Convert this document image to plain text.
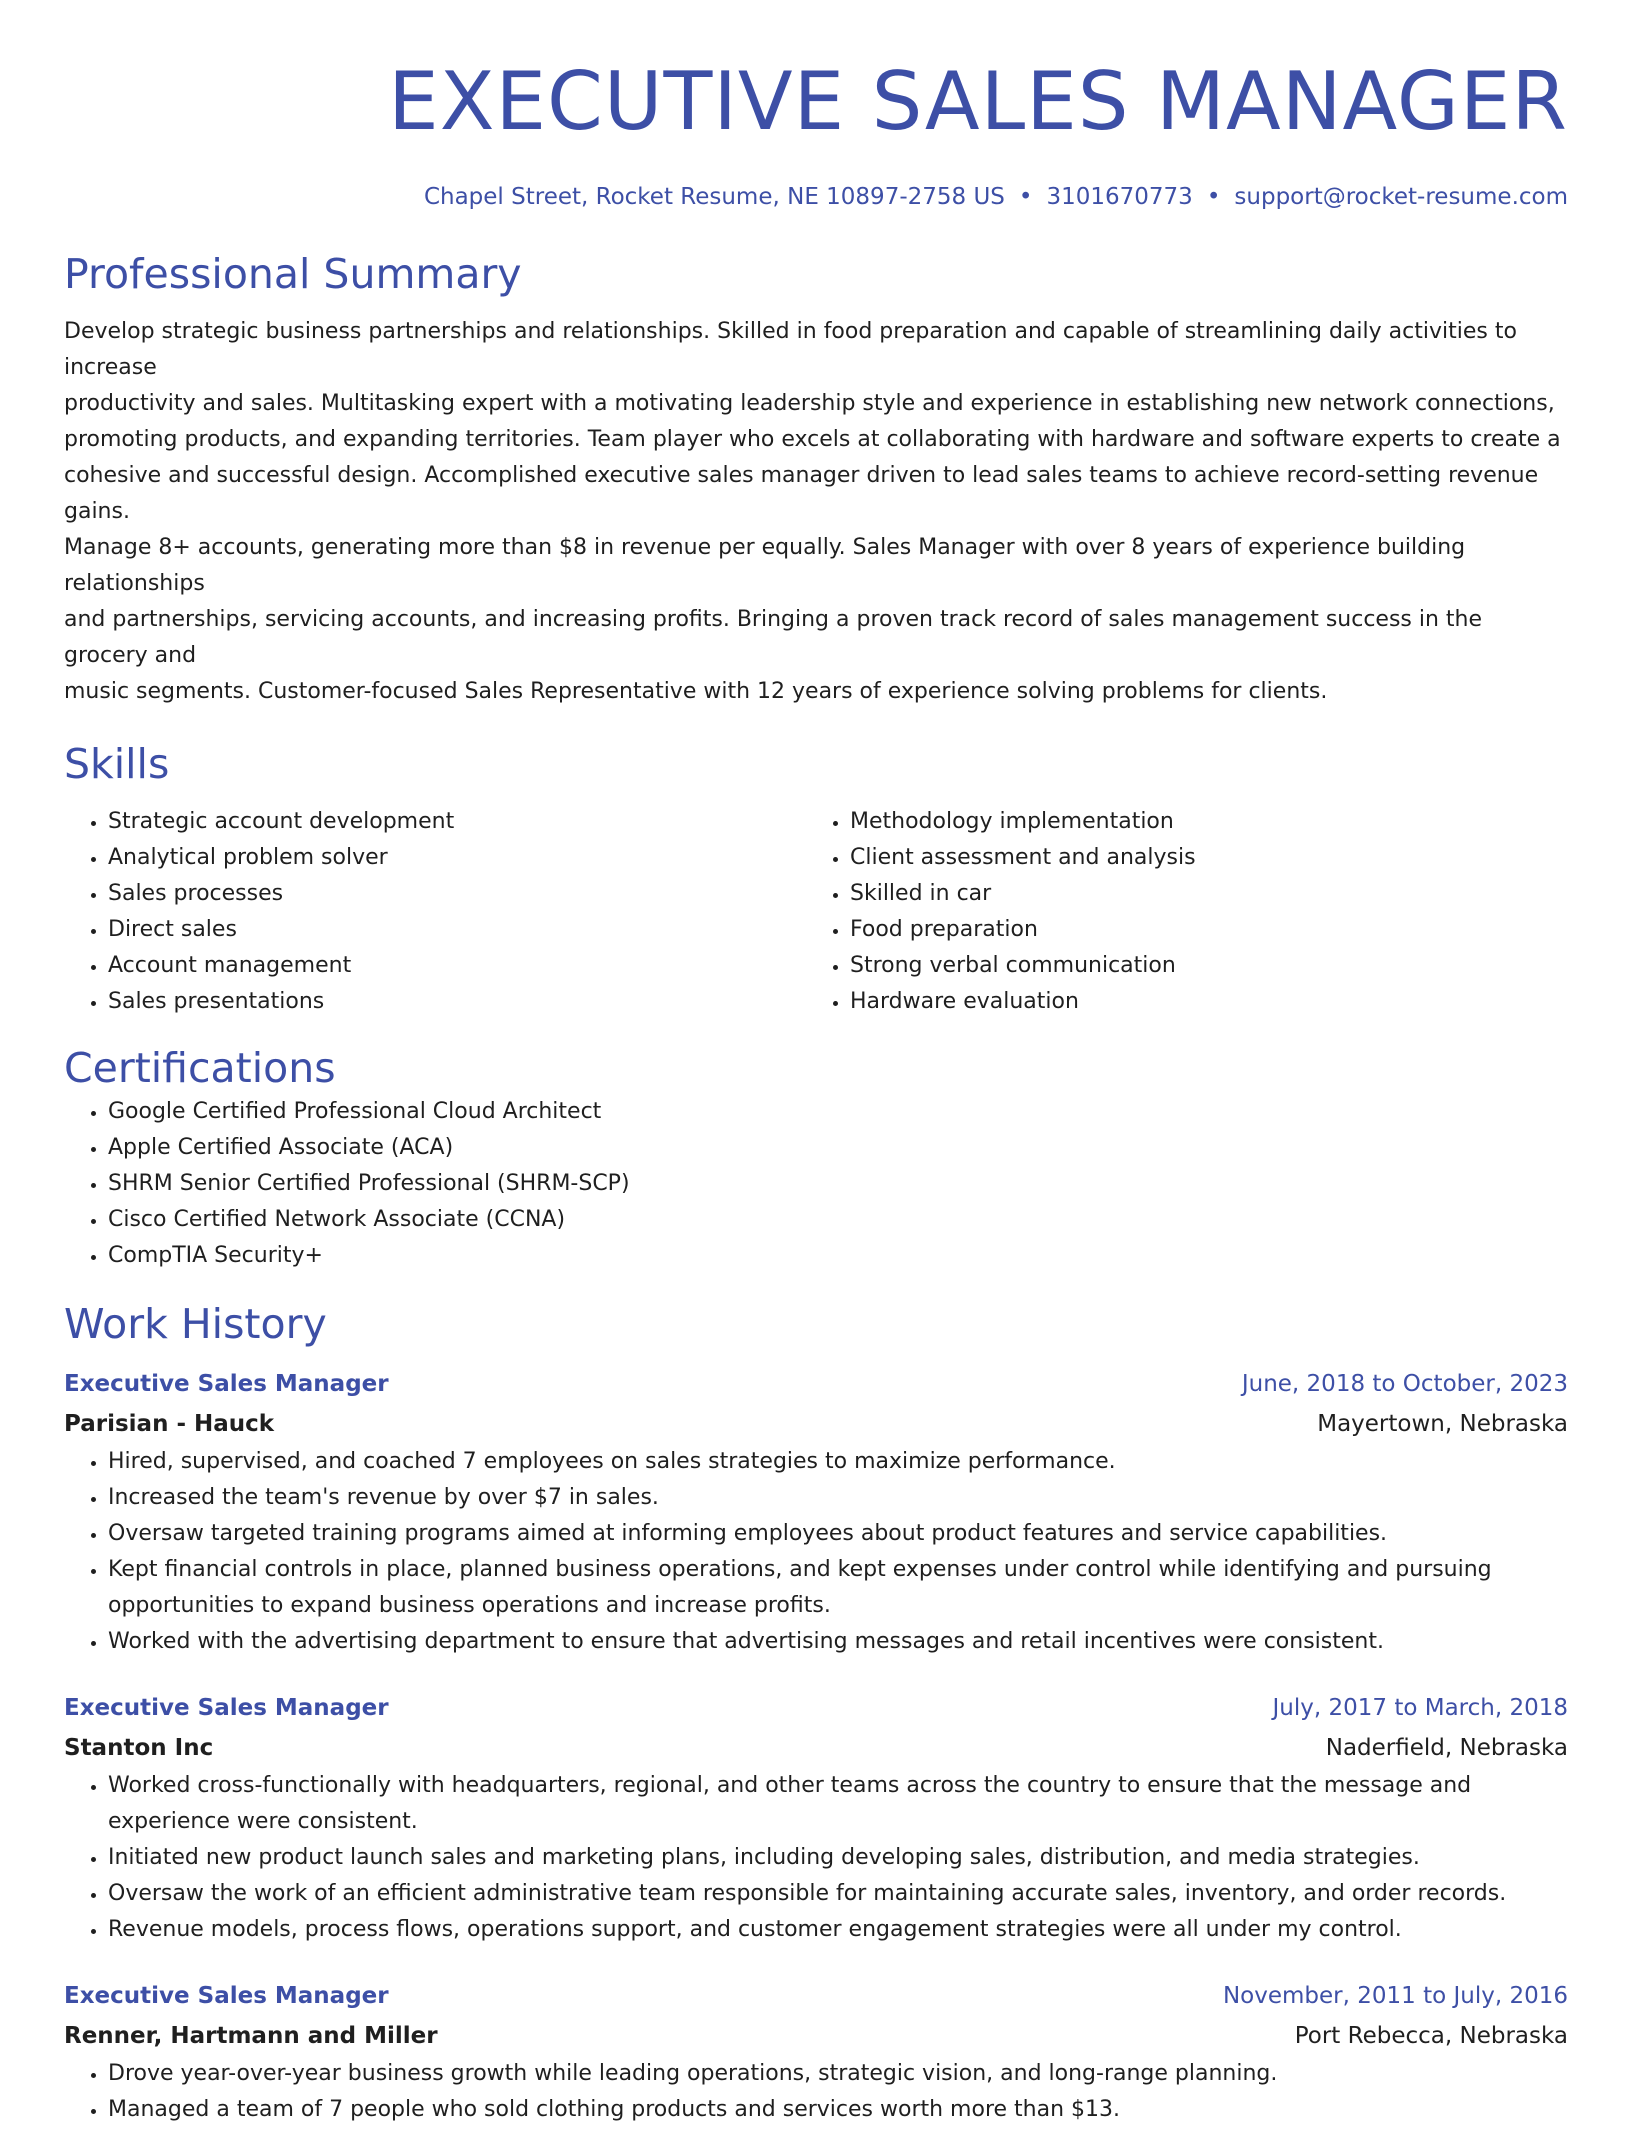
EXECUTIVE SALES MANAGER
Chapel Street, Rocket Resume, NE 10897-2758 US • 3101670773 • support@rocket-resume.com
Professional Summary
Develop strategic business partnerships and relationships. Skilled in food preparation and capable of streamlining daily activities to increase
productivity and sales. Multitasking expert with a motivating leadership style and experience in establishing new network connections,
promoting products, and expanding territories. Team player who excels at collaborating with hardware and software experts to create a
cohesive and successful design. Accomplished executive sales manager driven to lead sales teams to achieve record-setting revenue gains.
Manage 8+ accounts, generating more than $8 in revenue per equally. Sales Manager with over 8 years of experience building relationships
and partnerships, servicing accounts, and increasing profits. Bringing a proven track record of sales management success in the grocery and
music segments. Customer-focused Sales Representative with 12 years of experience solving problems for clients.
Skills
• Strategic account development
• Analytical problem solver
• Sales processes
• Direct sales
• Account management
• Sales presentations
• Methodology implementation
• Client assessment and analysis
• Skilled in car
• Food preparation
• Strong verbal communication
• Hardware evaluation
Certifications
• Google Certified Professional Cloud Architect
• Apple Certified Associate (ACA)
• SHRM Senior Certified Professional (SHRM-SCP)
• Cisco Certified Network Associate (CCNA)
• CompTIA Security+
Work History
Executive Sales Manager	June, 2018 to October, 2023
Parisian - Hauck	Mayertown, Nebraska
• Hired, supervised, and coached 7 employees on sales strategies to maximize performance.
• Increased the team's revenue by over $7 in sales.
• Oversaw targeted training programs aimed at informing employees about product features and service capabilities.
• Kept financial controls in place, planned business operations, and kept expenses under control while identifying and pursuing opportunities to expand business operations and increase profits.
• Worked with the advertising department to ensure that advertising messages and retail incentives were consistent.
Executive Sales Manager	July, 2017 to March, 2018
Stanton Inc	Naderfield, Nebraska
• Worked cross-functionally with headquarters, regional, and other teams across the country to ensure that the message and experience were consistent.
• Initiated new product launch sales and marketing plans, including developing sales, distribution, and media strategies.
• Oversaw the work of an efficient administrative team responsible for maintaining accurate sales, inventory, and order records.
• Revenue models, process flows, operations support, and customer engagement strategies were all under my control.
Executive Sales Manager	November, 2011 to July, 2016
Renner, Hartmann and Miller	Port Rebecca, Nebraska
• Drove year-over-year business growth while leading operations, strategic vision, and long-range planning.
• Managed a team of 7 people who sold clothing products and services worth more than $13.
